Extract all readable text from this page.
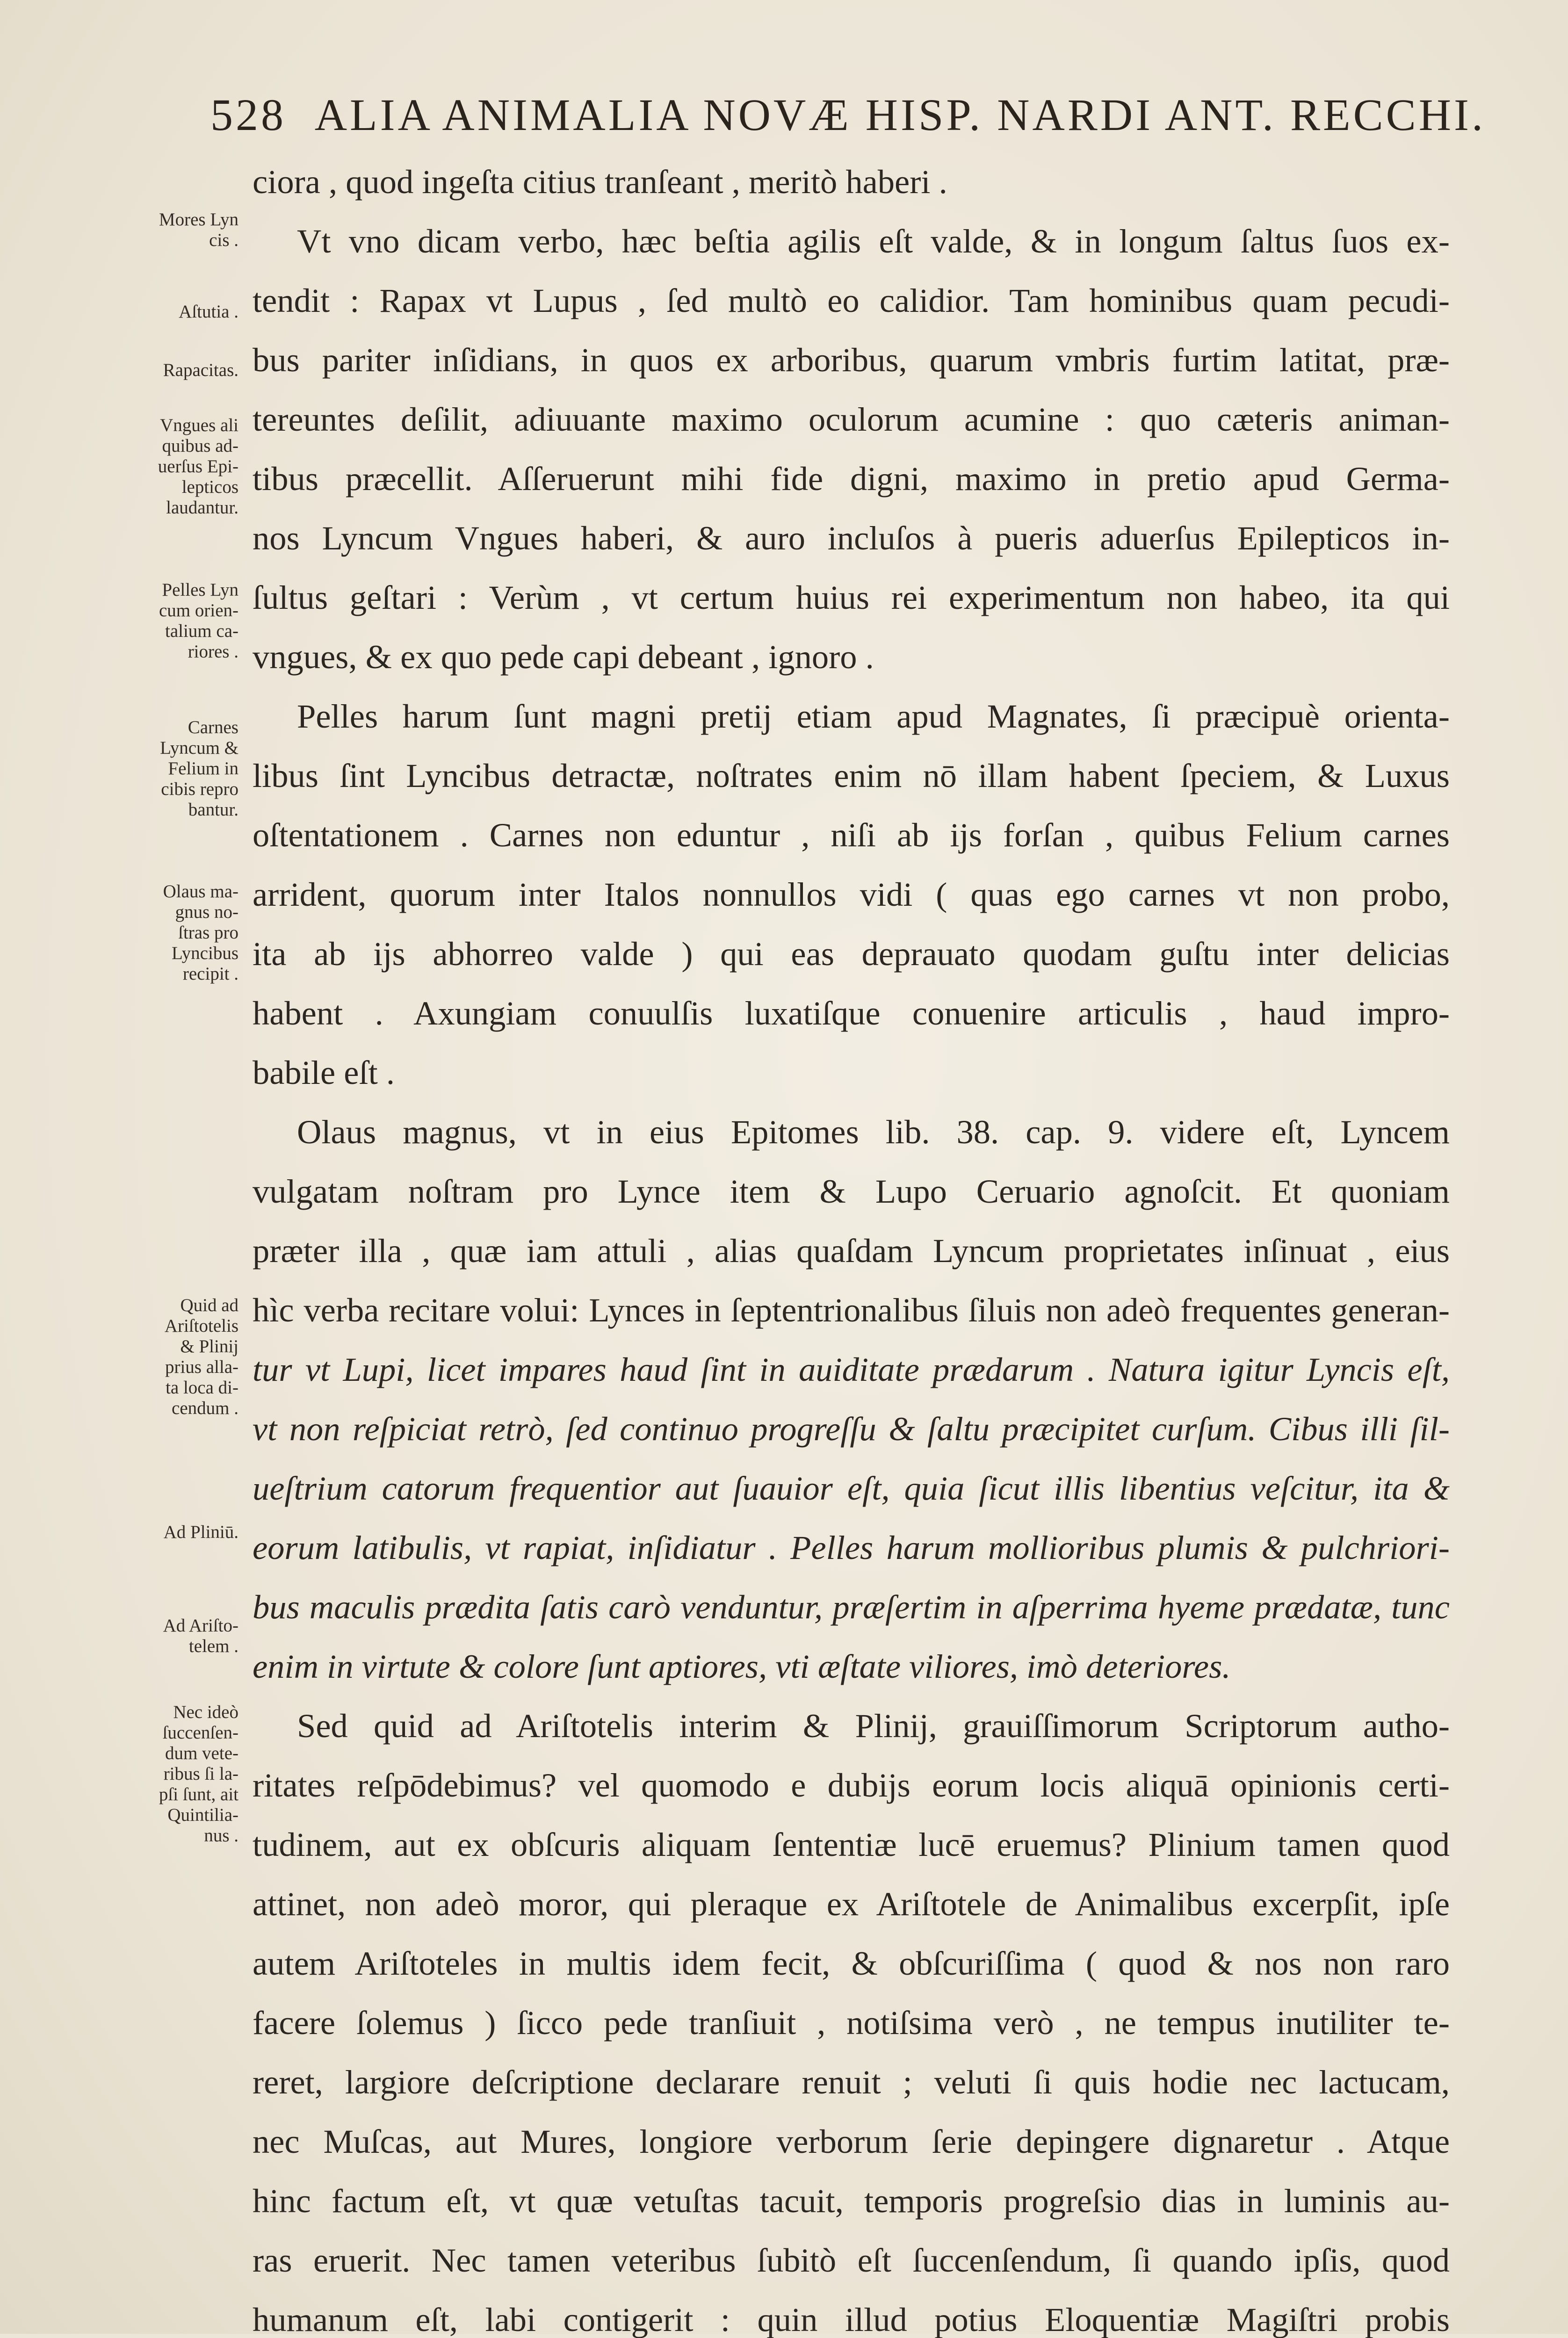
528 ALIA ANIMALIA NOVÆ HISP. NARDI ANT. RECCHI.
ciora , quod ingeſta citius tranſeant , meritò haberi .
Vt vno dicam verbo, hæc beſtia agilis eſt valde, & in longum ſaltus ſuos ex-
tendit : Rapax vt Lupus , ſed multò eo calidior. Tam hominibus quam pecudi-
bus pariter inſidians, in quos ex arboribus, quarum vmbris furtim latitat, præ-
tereuntes deſilit, adiuuante maximo oculorum acumine : quo cæteris animan-
tibus præcellit. Aſſeruerunt mihi fide digni, maximo in pretio apud Germa-
nos Lyncum Vngues haberi, & auro incluſos à pueris aduerſus Epilepticos in-
ſultus geſtari : Verùm , vt certum huius rei experimentum non habeo, ita qui
vngues, & ex quo pede capi debeant , ignoro .
Pelles harum ſunt magni pretij etiam apud Magnates, ſi præcipuè orienta-
libus ſint Lyncibus detractæ, noſtrates enim nō illam habent ſpeciem, & Luxus
oſtentationem . Carnes non eduntur , niſi ab ijs forſan , quibus Felium carnes
arrident, quorum inter Italos nonnullos vidi ( quas ego carnes vt non probo,
ita ab ijs abhorreo valde ) qui eas deprauato quodam guſtu inter delicias
habent . Axungiam conuulſis luxatiſque conuenire articulis , haud impro-
babile eſt .
Olaus magnus, vt in eius Epitomes lib. 38. cap. 9. videre eſt, Lyncem
vulgatam noſtram pro Lynce item & Lupo Ceruario agnoſcit. Et quoniam
præter illa , quæ iam attuli , alias quaſdam Lyncum proprietates inſinuat , eius
hìc verba recitare volui: Lynces in ſeptentrionalibus ſiluis non adeò frequentes generan-
tur vt Lupi, licet impares haud ſint in auiditate prædarum . Natura igitur Lyncis eſt,
vt non reſpiciat retrò, ſed continuo progreſſu & ſaltu præcipitet curſum. Cibus illi ſil-
ueſtrium catorum frequentior aut ſuauior eſt, quia ſicut illis libentius veſcitur, ita &
eorum latibulis, vt rapiat, inſidiatur . Pelles harum mollioribus plumis & pulchriori-
bus maculis prædita ſatis carò venduntur, præſertim in aſperrima hyeme prædatæ, tunc
enim in virtute & colore ſunt aptiores, vti æſtate viliores, imò deteriores.
Sed quid ad Ariſtotelis interim & Plinij, grauiſſimorum Scriptorum autho-
ritates reſpōdebimus? vel quomodo e dubijs eorum locis aliquā opinionis certi-
tudinem, aut ex obſcuris aliquam ſententiæ lucē eruemus? Plinium tamen quod
attinet, non adeò moror, qui pleraque ex Ariſtotele de Animalibus excerpſit, ipſe
autem Ariſtoteles in multis idem fecit, & obſcuriſſima ( quod & nos non raro
facere ſolemus ) ſicco pede tranſiuit , notiſsima verò , ne tempus inutiliter te-
reret, largiore deſcriptione declarare renuit ; veluti ſi quis hodie nec lactucam,
nec Muſcas, aut Mures, longiore verborum ſerie depingere dignaretur . Atque
hinc factum eſt, vt quæ vetuſtas tacuit, temporis progreſsio dias in luminis au-
ras eruerit. Nec tamen veteribus ſubitò eſt ſuccenſendum, ſi quando ipſis, quod
humanum eſt, labi contigerit : quin illud potius Eloquentiæ Magiſtri probis
Mores Lyn
cis .
Aſtutia .
Rapacitas.
Vngues ali
quibus ad-
uerſus Epi-
lepticos
laudantur.
Pelles Lyn
cum orien-
talium ca-
riores .
Carnes
Lyncum &
Felium in
cibis repro
bantur.
Olaus ma-
gnus no-
ſtras pro
Lyncibus
recipit .
Quid ad
Ariſtotelis
& Plinij
prius alla-
ta loca di-
cendum .
Ad Pliniū.
Ad Ariſto-
telem .
Nec ideò
ſuccenſen-
dum vete-
ribus ſi la-
pſi ſunt, ait
Quintilia-
nus .
